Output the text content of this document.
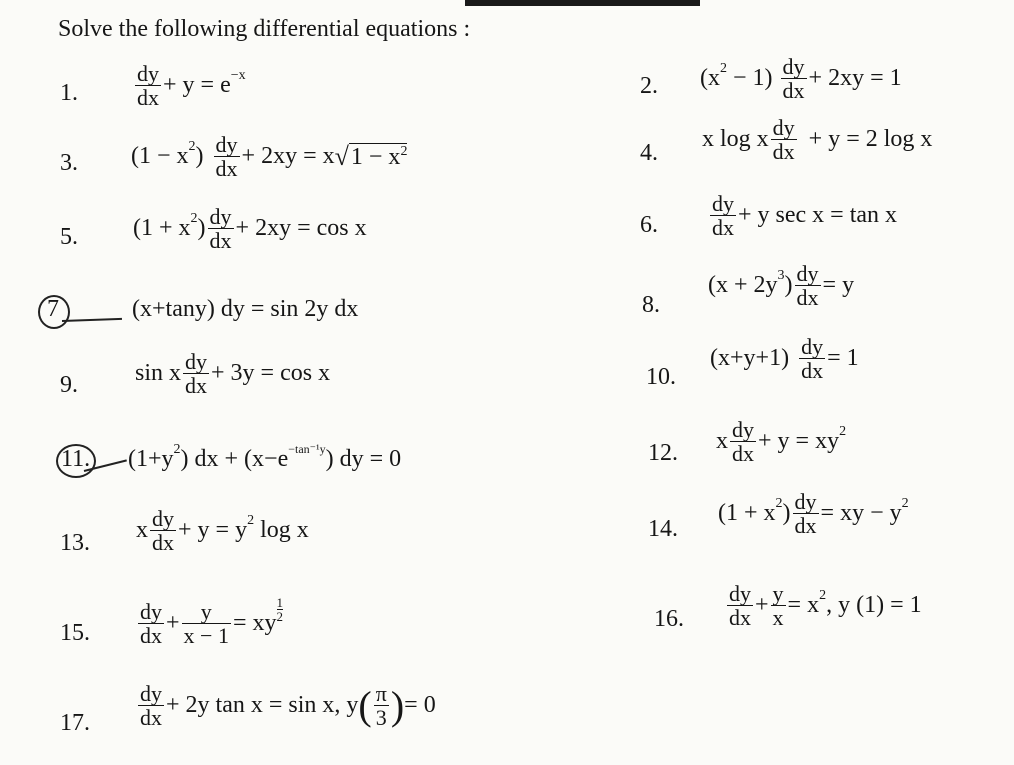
Solve the following differential equations :
1.	$\frac{dy}{dx} + y = e^{-x}$	2. $(x^2 - 1) \frac{dy}{dx} + 2xy = 1$
3. ($1 - x^2$ ) $\frac{dy}{dx} + 2xy = x$ √ $1 - x^2$	4.
x log x $\frac{dy}{dx} + y = 2$ log x
5. ($1 + x^2$ ) $\frac{dy}{dx} + 2xy = \cos x$	6. $\frac{dy}{dx} + y$ sec x = tan x
7	(x+tany) dy = sin 2y dx	8.
($x + 2y^3$ ) $\frac{dy}{dx} = y$
9. sin x $\frac{dy}{dx} + 3y = \cos x$	10.
$(x+y+1) \frac{dy}{dx} = 1$
11. ($1+y^2$ ) dx + ($x-e^{-tan^{-1}y}$ ) dy = 0	12. x $\frac{dy}{dx} + y = xy^2$
13. x $\frac{dy}{dx} + y = y^2$ log x	14.
($1 + x^2$ ) $\frac{dy}{dx}$ = xy − $y^2$
15. $\frac{dy}{dx} + \frac{y}{x - 1}$ = xy
1
2	16. $\frac{dy}{dx} + \frac{y}{x} = x^2$ , y (1) = 1
17. $\frac{dy}{dx} + 2y$ tan x = sin x, y ( $\frac{\pi}{3}$ ) = 0
